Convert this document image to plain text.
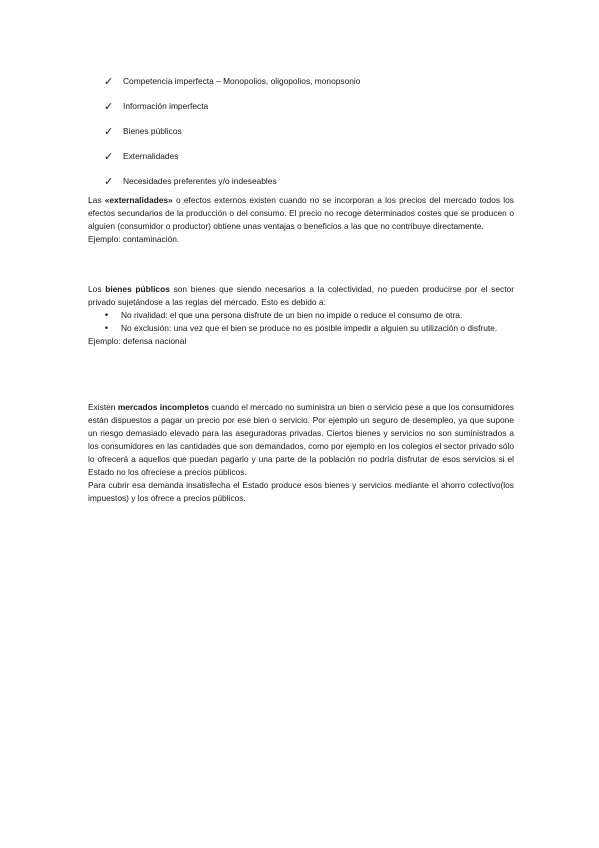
✓	Competencia imperfecta – Monopolios, oligopolios, monopsonio
✓	Información imperfecta
✓	Bienes públicos
✓	Externalidades
✓	Necesidades preferentes y/o indeseables

Las «externalidades» o efectos externos existen cuando no se incorporan a los precios del mercado todos los efectos secundarios de la producción o del consumo. El precio no recoge determinados costes que se producen o alguien (consumidor o productor) obtiene unas ventajas o beneficios a las que no contribuye directamente.

Ejemplo: contaminación.

Los bienes públicos son bienes que siendo necesarios a la colectividad, no pueden producirse por el sector privado sujetándose a las reglas del mercado. Esto es debido a:

• No rivalidad: el que una persona disfrute de un bien no impide o reduce el consumo de otra.
• No exclusión: una vez que el bien se produce no es posible impedir a alguien su utilización o disfrute.

Ejemplo: defensa nacional

Existen mercados incompletos cuando el mercado no suministra un bien o servicio pese a que los consumidores están dispuestos a pagar un precio por ese bien o servicio. Por ejemplo un seguro de desempleo, ya que supone un riesgo demasiado elevado para las aseguradoras privadas. Ciertos bienes y servicios no son suministrados a los consumidores en las cantidades que son demandados, como por ejemplo en los colegios el sector privado sólo lo ofrecerá a aquellos que puedan pagarlo y una parte de la población no podría disfrutar de esos servicios si el Estado no los ofreciese a precios públicos.

Para cubrir esa demanda insatisfecha el Estado produce esos bienes y servicios mediante el ahorro colectivo(los impuestos) y los ofrece a precios públicos.
